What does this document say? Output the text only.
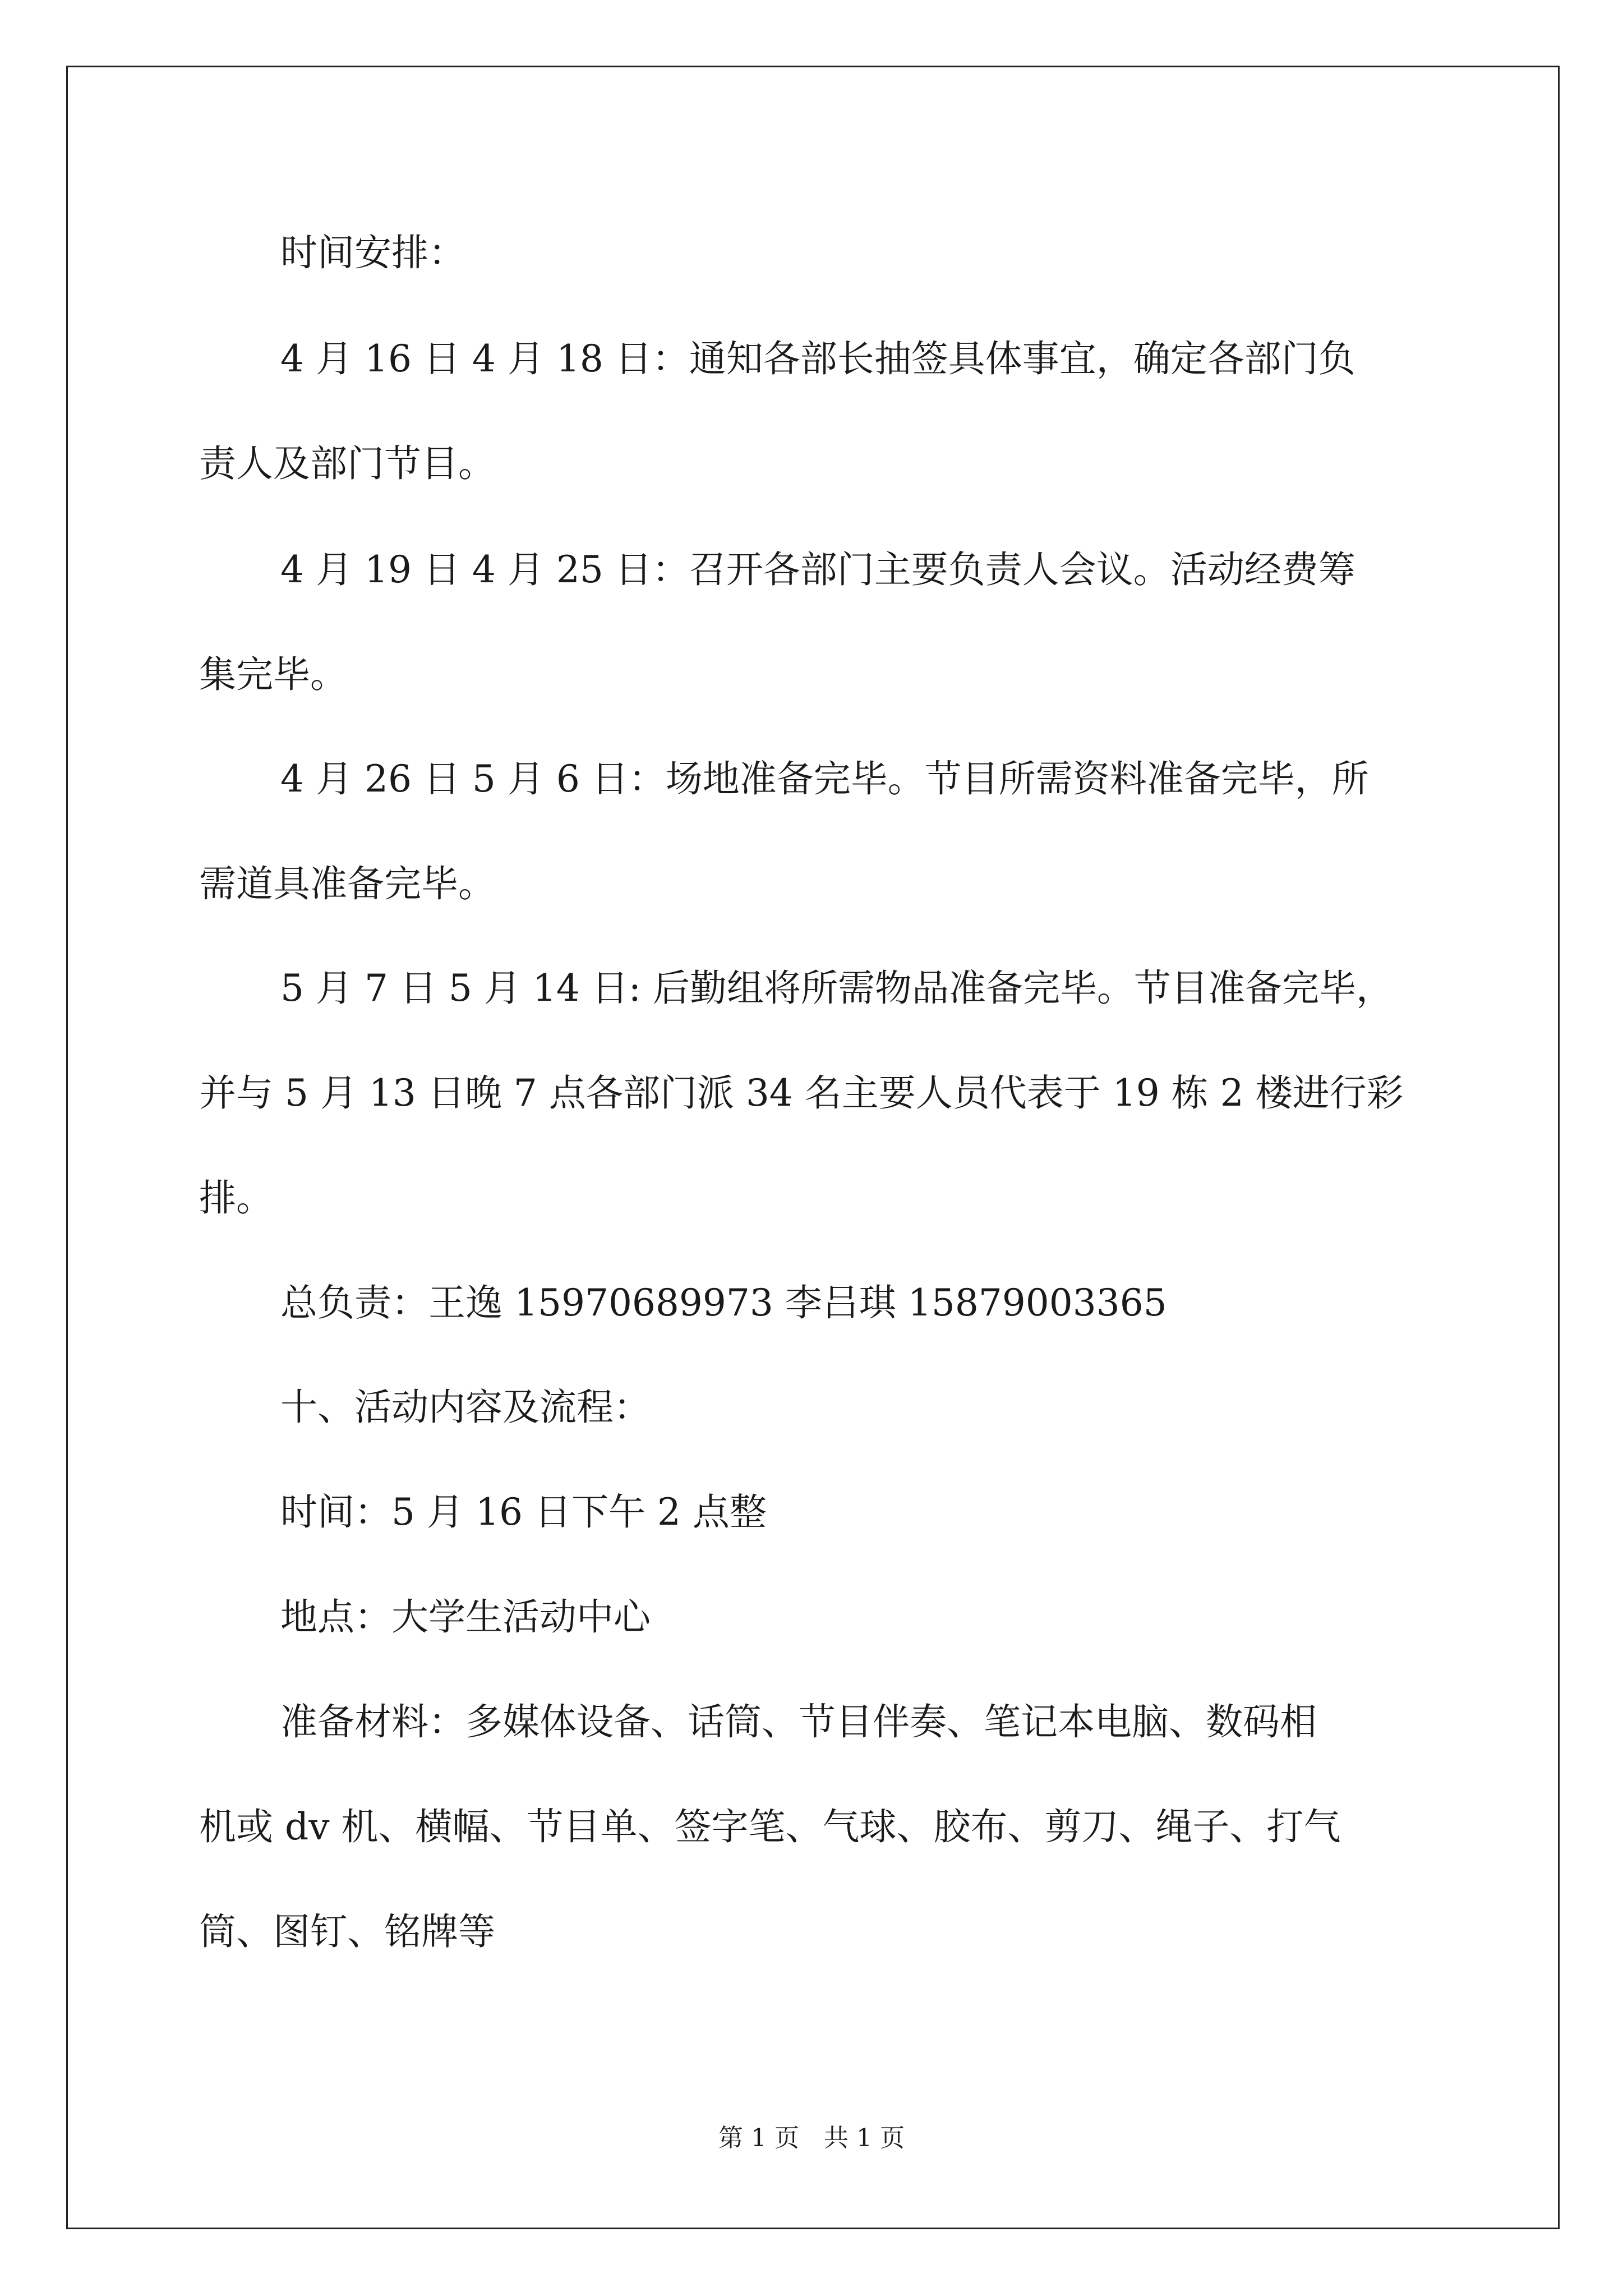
时间安排：
4 月 16 日 4 月 18 日：通知各部长抽签具体事宜，确定各部门负
责人及部门节目。
4 月 19 日 4 月 25 日：召开各部门主要负责人会议。活动经费筹
集完毕。
4 月 26 日 5 月 6 日：场地准备完毕。节目所需资料准备完毕，所
需道具准备完毕。
5 月 7 日 5 月 14 日: 后勤组将所需物品准备完毕。节目准备完毕，
并与 5 月 13 日晚 7 点各部门派 34 名主要人员代表于 19 栋 2 楼进行彩
排。
总负责：王逸 15970689973 李吕琪 15879003365
十、活动内容及流程：
时间：5 月 16 日下午 2 点整
地点：大学生活动中心
准备材料：多媒体设备、话筒、节目伴奏、笔记本电脑、数码相
机或 dv 机、横幅、节目单、签字笔、气球、胶布、剪刀、绳子、打气
筒、图钉、铭牌等
第 1 页　共 1 页
